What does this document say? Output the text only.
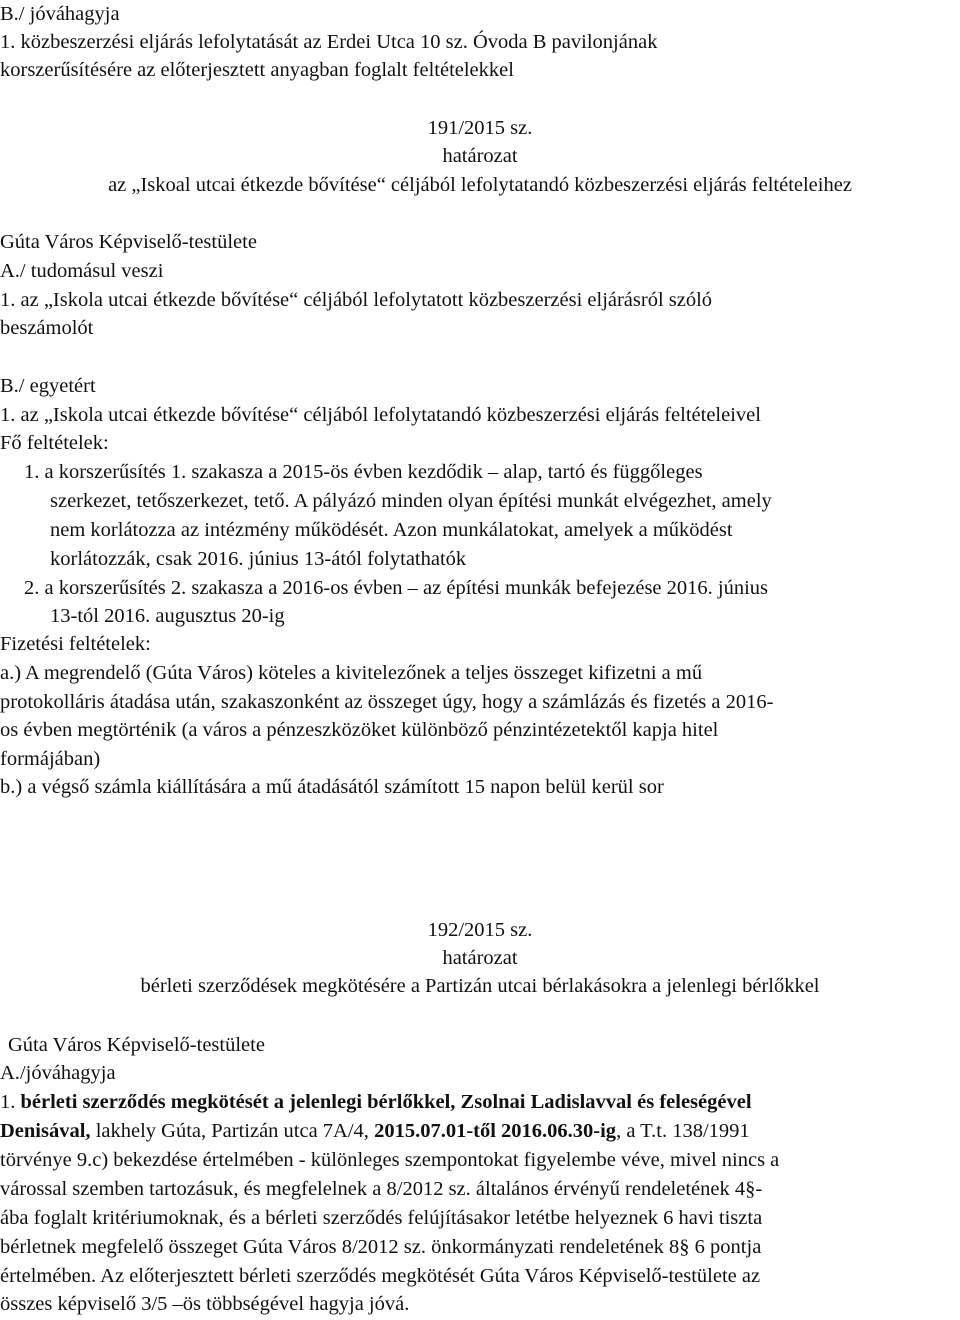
B./ jóváhagyja
1. közbeszerzési eljárás lefolytatását az Erdei Utca 10 sz. Óvoda B pavilonjának
korszerűsítésére az előterjesztett anyagban foglalt feltételekkel
191/2015 sz.
határozat
az „Iskoal utcai étkezde bővítése“ céljából lefolytatandó közbeszerzési eljárás feltételeihez
Gúta Város Képviselő-testülete
A./ tudomásul veszi
1. az „Iskola utcai étkezde bővítése“ céljából lefolytatott közbeszerzési eljárásról szóló
beszámolót
B./ egyetért
1. az „Iskola utcai étkezde bővítése“ céljából lefolytatandó közbeszerzési eljárás feltételeivel
Fő feltételek:
1. a korszerűsítés 1. szakasza a 2015-ös évben kezdődik – alap, tartó és függőleges
szerkezet, tetőszerkezet, tető. A pályázó minden olyan építési munkát elvégezhet, amely
nem korlátozza az intézmény működését. Azon munkálatokat, amelyek a működést
korlátozzák, csak 2016. június 13-ától folytathatók
2. a korszerűsítés 2. szakasza a 2016-os évben – az építési munkák befejezése 2016. június
13-tól 2016. augusztus 20-ig
Fizetési feltételek:
a.) A megrendelő (Gúta Város) köteles a kivitelezőnek a teljes összeget kifizetni a mű
protokolláris átadása után, szakaszonként az összeget úgy, hogy a számlázás és fizetés a 2016-
os évben megtörténik (a város a pénzeszközöket különböző pénzintézetektől kapja hitel
formájában)
b.) a végső számla kiállítására a mű átadásától számított 15 napon belül kerül sor
192/2015 sz.
határozat
bérleti szerződések megkötésére a Partizán utcai bérlakásokra a jelenlegi bérlőkkel
Gúta Város Képviselő-testülete
A./jóváhagyja
1. bérleti szerződés megkötését a jelenlegi bérlőkkel, Zsolnai Ladislavval és feleségével
Denisával, lakhely Gúta, Partizán utca 7A/4, 2015.07.01-től 2016.06.30-ig, a T.t. 138/1991
törvénye 9.c) bekezdése értelmében - különleges szempontokat figyelembe véve, mivel nincs a
várossal szemben tartozásuk, és megfelelnek a 8/2012 sz. általános érvényű rendeletének 4§-
ába foglalt kritériumoknak, és a bérleti szerződés felújításakor letétbe helyeznek 6 havi tiszta
bérletnek megfelelő összeget Gúta Város 8/2012 sz. önkormányzati rendeletének 8§ 6 pontja
értelmében. Az előterjesztett bérleti szerződés megkötését Gúta Város Képviselő-testülete az
összes képviselő 3/5 –ös többségével hagyja jóvá.
